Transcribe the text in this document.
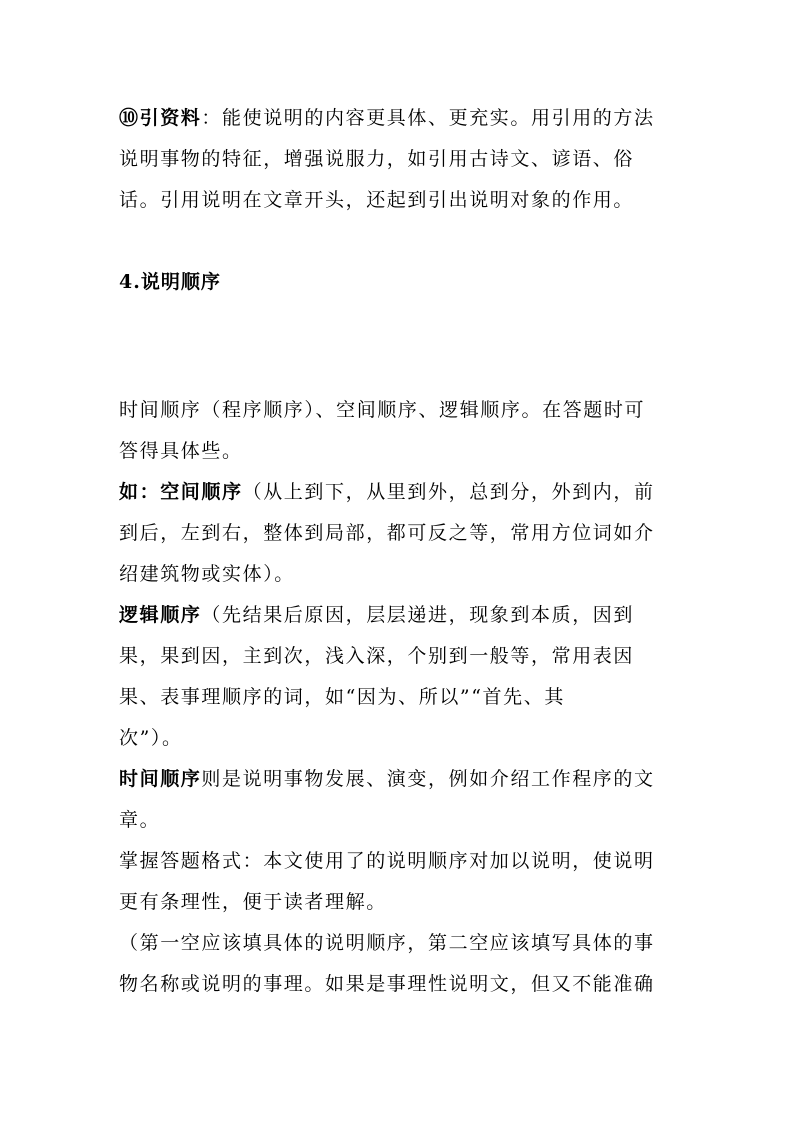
⑩引资料：能使说明的内容更具体、更充实。用引用的方法
说明事物的特征，增强说服力，如引用古诗文、谚语、俗
话。引用说明在文章开头，还起到引出说明对象的作用。
4.说明顺序
时间顺序（程序顺序）、空间顺序、逻辑顺序。在答题时可
答得具体些。
如：空间顺序（从上到下，从里到外，总到分，外到内，前
到后，左到右，整体到局部，都可反之等，常用方位词如介
绍建筑物或实体）。
逻辑顺序（先结果后原因，层层递进，现象到本质，因到
果，果到因，主到次，浅入深，个别到一般等，常用表因
果、表事理顺序的词，如“因为、所以”“首先、其
次”）。
时间顺序则是说明事物发展、演变，例如介绍工作程序的文
章。
掌握答题格式：本文使用了的说明顺序对加以说明，使说明
更有条理性，便于读者理解。
（第一空应该填具体的说明顺序，第二空应该填写具体的事
物名称或说明的事理。如果是事理性说明文，但又不能准确
